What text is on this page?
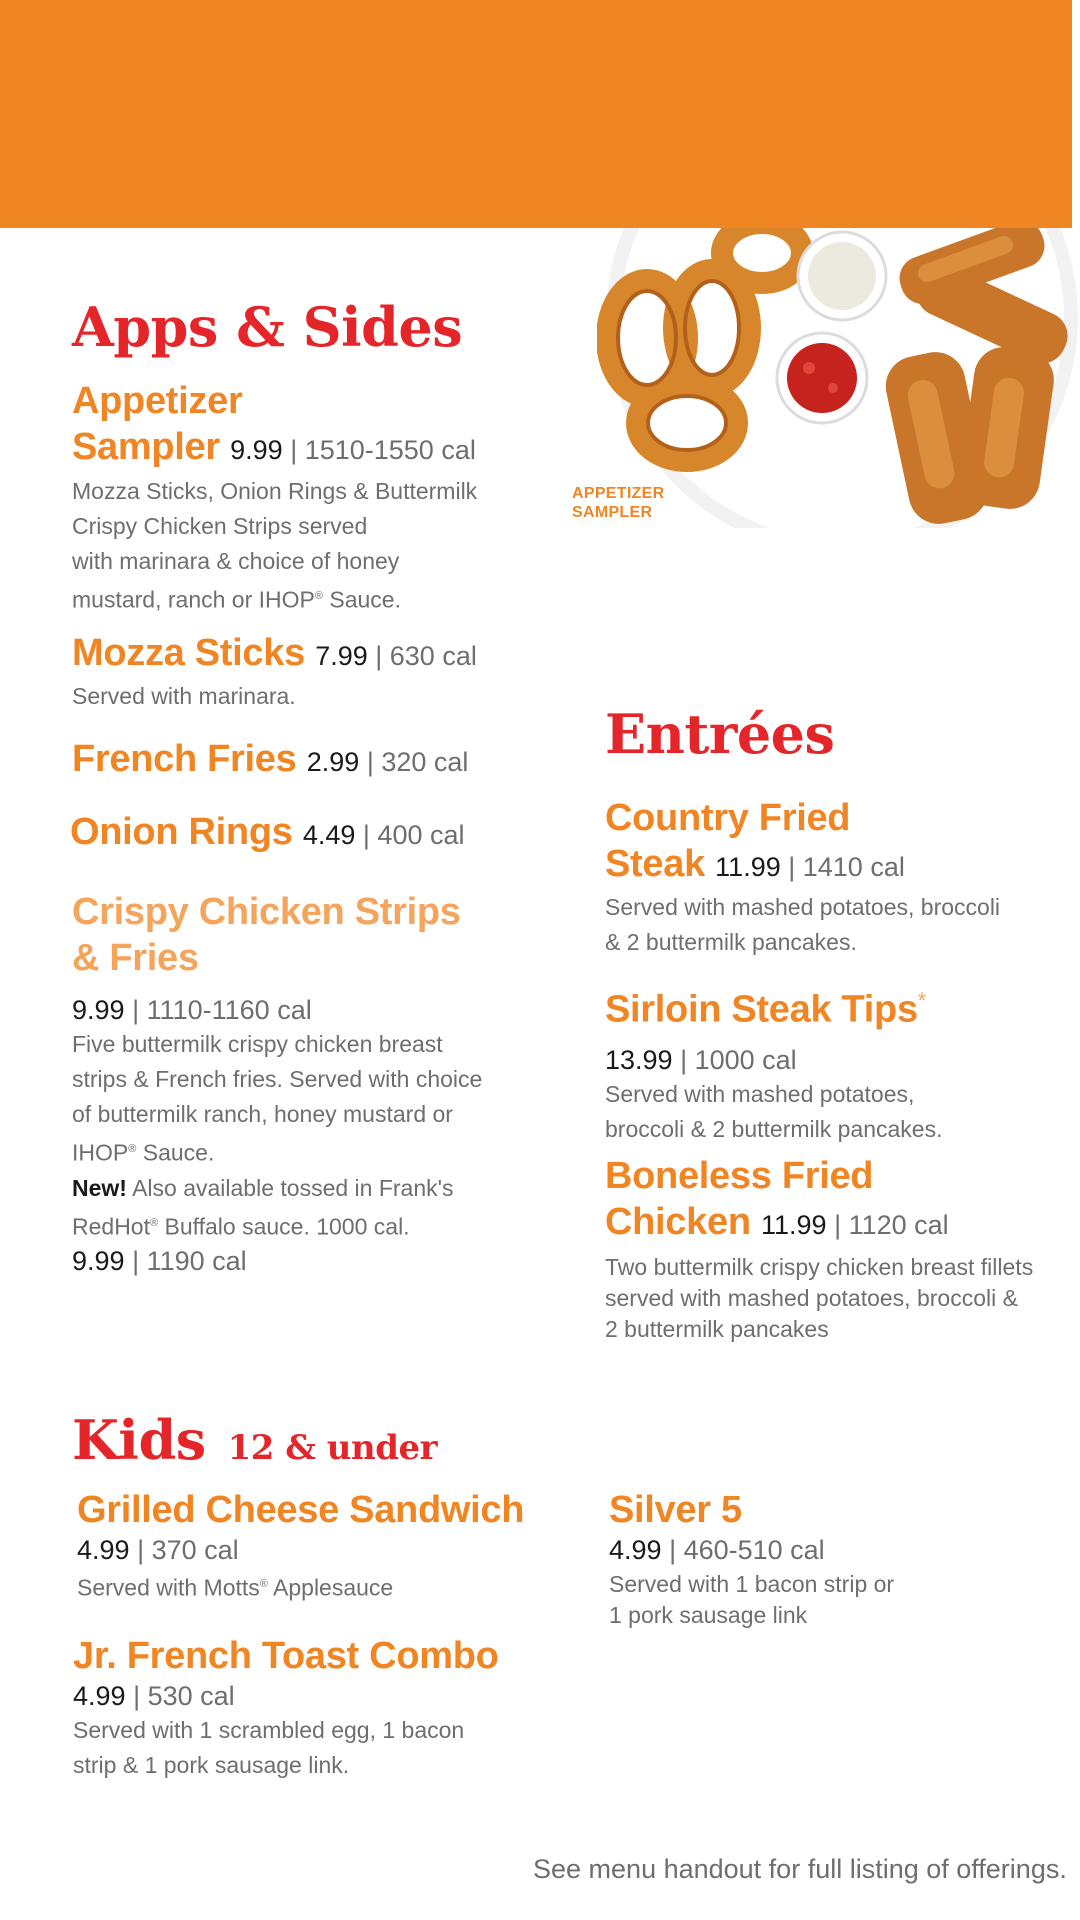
APPETIZER
SAMPLER
Apps & Sides
Appetizer
Sampler 9.99 | 1510-1550 cal
Mozza Sticks, Onion Rings & Buttermilk
Crispy Chicken Strips served
with marinara & choice of honey
mustard, ranch or IHOP® Sauce.
Mozza Sticks 7.99 | 630 cal
Served with marinara.
French Fries 2.99 | 320 cal
Onion Rings 4.49 | 400 cal
Crispy Chicken Strips
& Fries
9.99 | 1110-1160 cal
Five buttermilk crispy chicken breast
strips & French fries. Served with choice
of buttermilk ranch, honey mustard or
IHOP® Sauce.
New! Also available tossed in Frank's
RedHot® Buffalo sauce. 1000 cal.
9.99 | 1190 cal
Entrées
Country Fried
Steak 11.99 | 1410 cal
Served with mashed potatoes, broccoli
& 2 buttermilk pancakes.
Sirloin Steak Tips*
13.99 | 1000 cal
Served with mashed potatoes,
broccoli & 2 buttermilk pancakes.
Boneless Fried
Chicken 11.99 | 1120 cal
Two buttermilk crispy chicken breast fillets
served with mashed potatoes, broccoli &
2 buttermilk pancakes
Kids 12 & under
Grilled Cheese Sandwich
4.99 | 370 cal
Served with Motts® Applesauce
Silver 5
4.99 | 460-510 cal
Served with 1 bacon strip or
1 pork sausage link
Jr. French Toast Combo
4.99 | 530 cal
Served with 1 scrambled egg, 1 bacon
strip & 1 pork sausage link.
See menu handout for full listing of offerings.
